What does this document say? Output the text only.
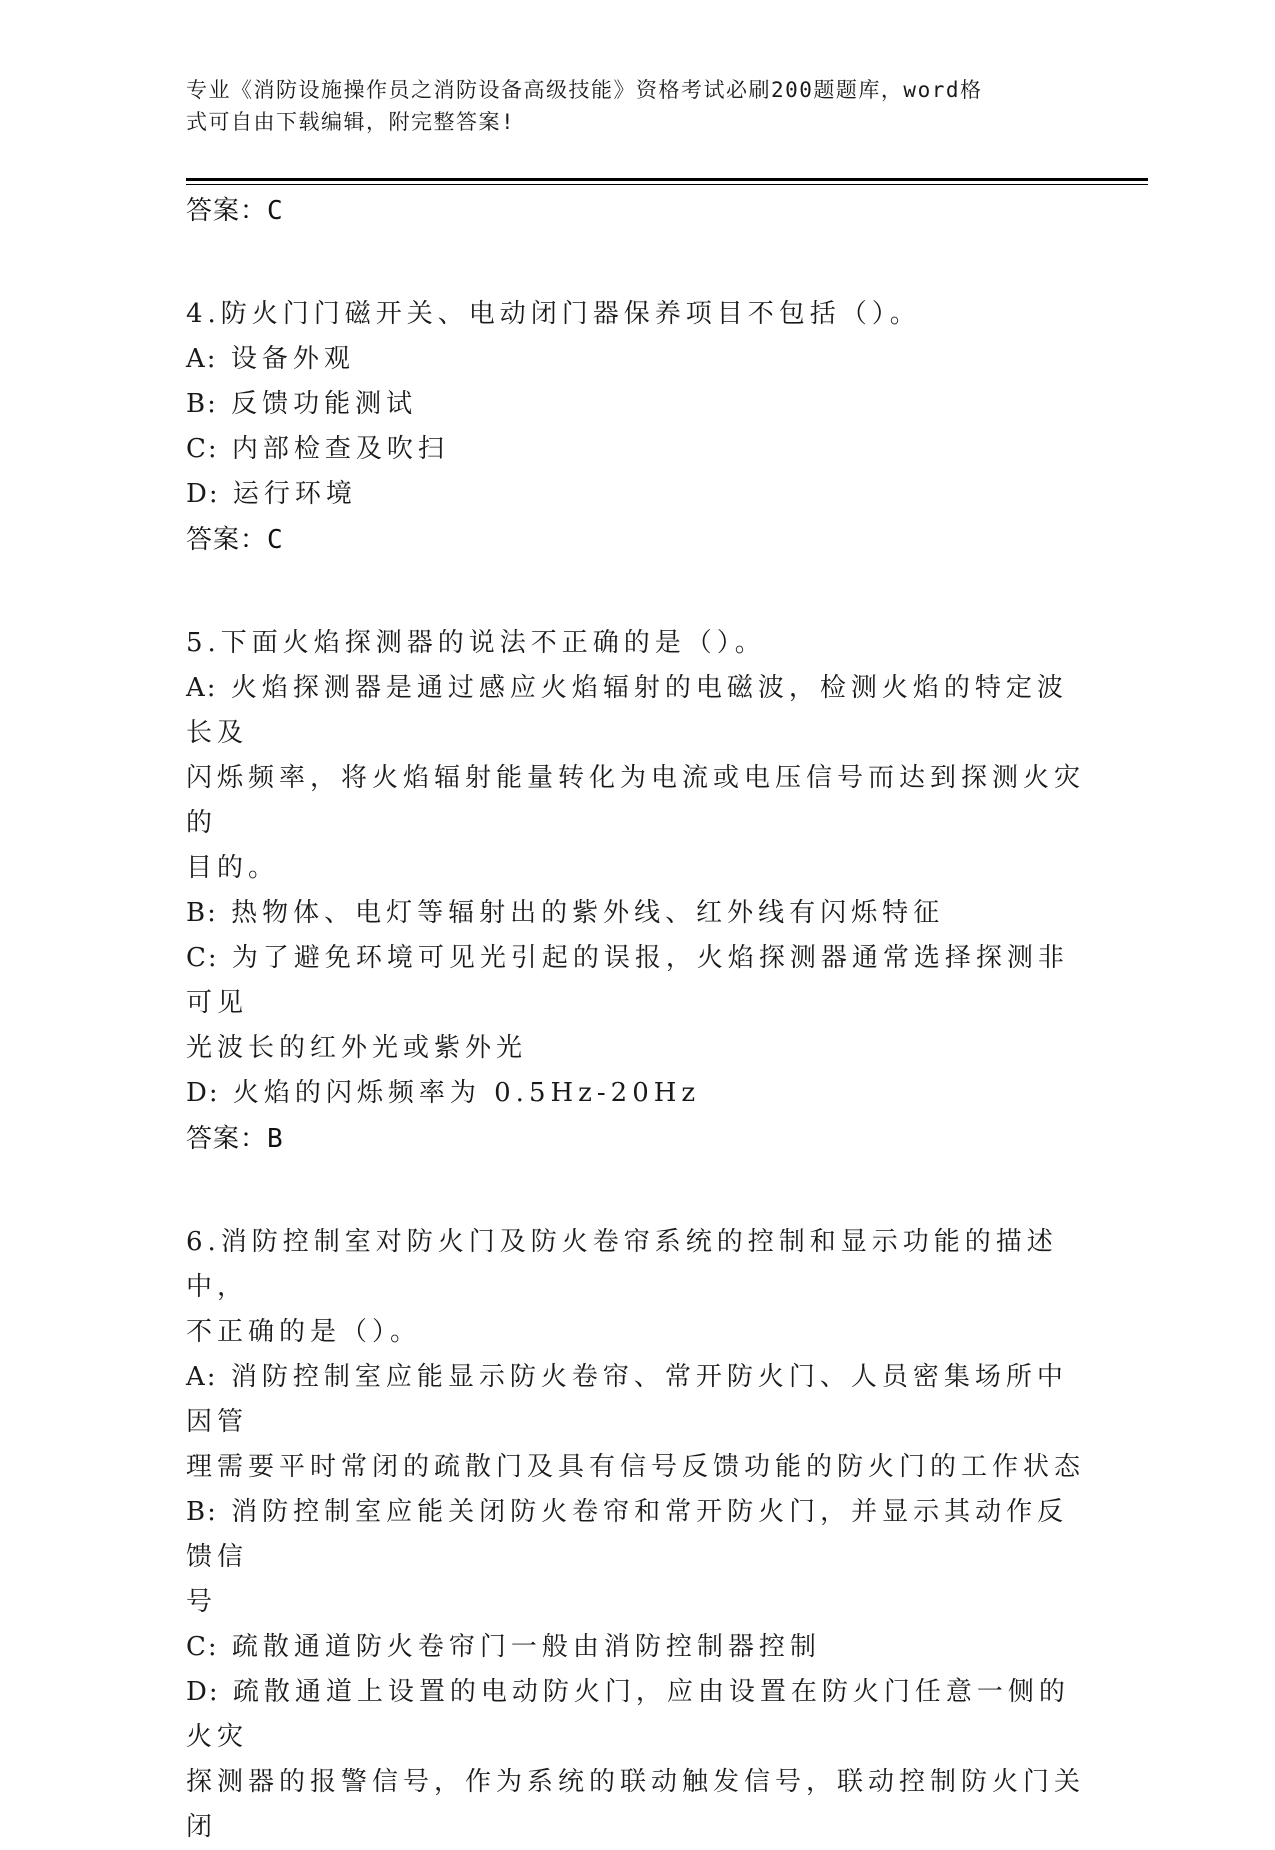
专业《消防设施操作员之消防设备高级技能》资格考试必刷200题题库，word格
式可自由下载编辑，附完整答案!

答案：C

4.防火门门磁开关、电动闭门器保养项目不包括（）。

A: 设备外观

B: 反馈功能测试

C: 内部检查及吹扫

D: 运行环境

答案：C

5.下面火焰探测器的说法不正确的是（）。

A: 火焰探测器是通过感应火焰辐射的电磁波，检测火焰的特定波长及

闪烁频率，将火焰辐射能量转化为电流或电压信号而达到探测火灾的

目的。

B: 热物体、电灯等辐射出的紫外线、红外线有闪烁特征

C: 为了避免环境可见光引起的误报，火焰探测器通常选择探测非可见

光波长的红外光或紫外光

D: 火焰的闪烁频率为 0.5Hz-20Hz

答案：B

6.消防控制室对防火门及防火卷帘系统的控制和显示功能的描述中，

不正确的是（）。

A: 消防控制室应能显示防火卷帘、常开防火门、人员密集场所中因管

理需要平时常闭的疏散门及具有信号反馈功能的防火门的工作状态

B: 消防控制室应能关闭防火卷帘和常开防火门，并显示其动作反馈信

号

C: 疏散通道防火卷帘门一般由消防控制器控制

D: 疏散通道上设置的电动防火门，应由设置在防火门任意一侧的火灾

探测器的报警信号，作为系统的联动触发信号，联动控制防火门关闭
